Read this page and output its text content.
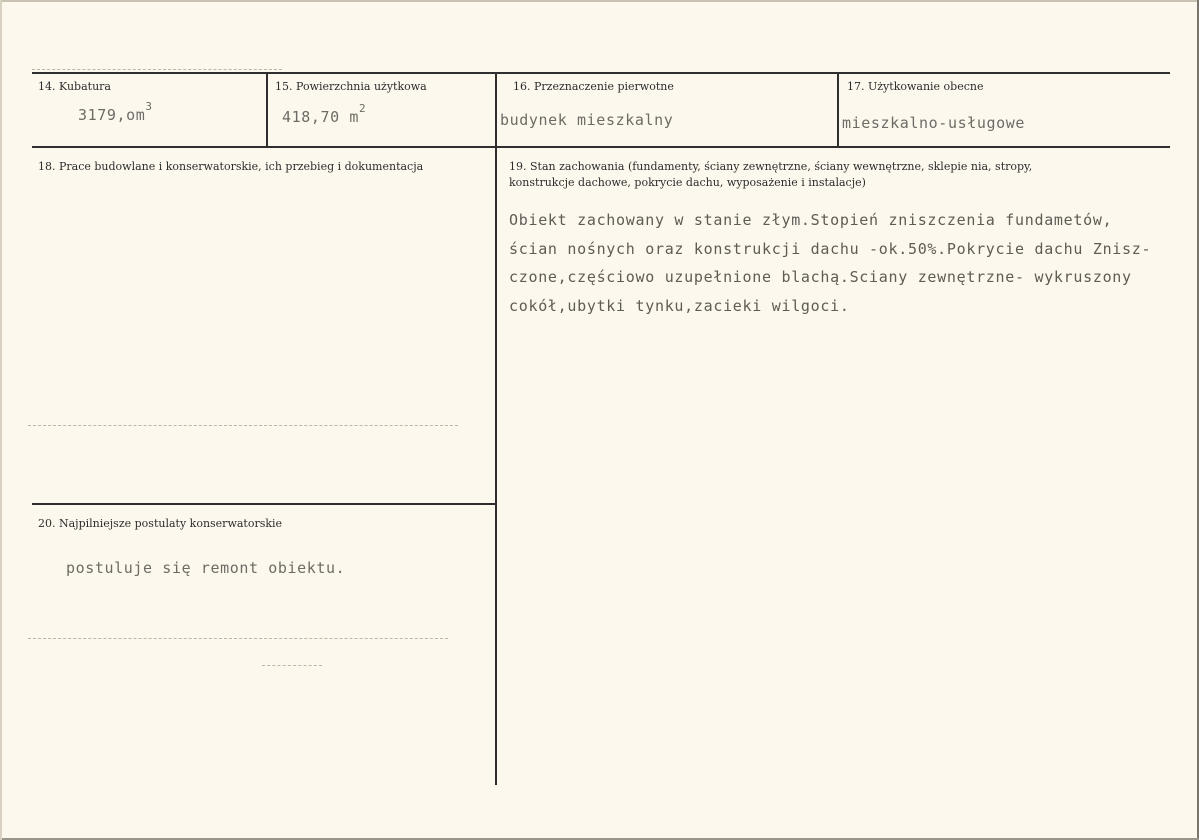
14. Kubatura
$3179,om^3$
15. Powierzchnia użytkowa
418,70 $m^2$
16. Przeznaczenie pierwotne
budynek mieszkalny
17. Użytkowanie obecne
mieszkalno-usługowe
18. Prace budowlane i konserwatorskie, ich przebieg i dokumentacja	19. Stan zachowania (fundamenty, ściany zewnętrzne, ściany wewnętrzne, sklepie nia, stropy,
konstrukcje dachowe, pokrycie dachu, wyposażenie i instalacje)
Obiekt zachowany w stanie złym.Stopień zniszczenia fundametów,
ścian nośnych oraz konstrukcji dachu -ok.50%.Pokrycie dachu Znisz-
czone,częściowo uzupełnione blachą.Sciany zewnętrzne- wykruszony
cokół,ubytki tynku,zacieki wilgoci.
20. Najpilniejsze postulaty konserwatorskie
postuluje się remont obiektu.
